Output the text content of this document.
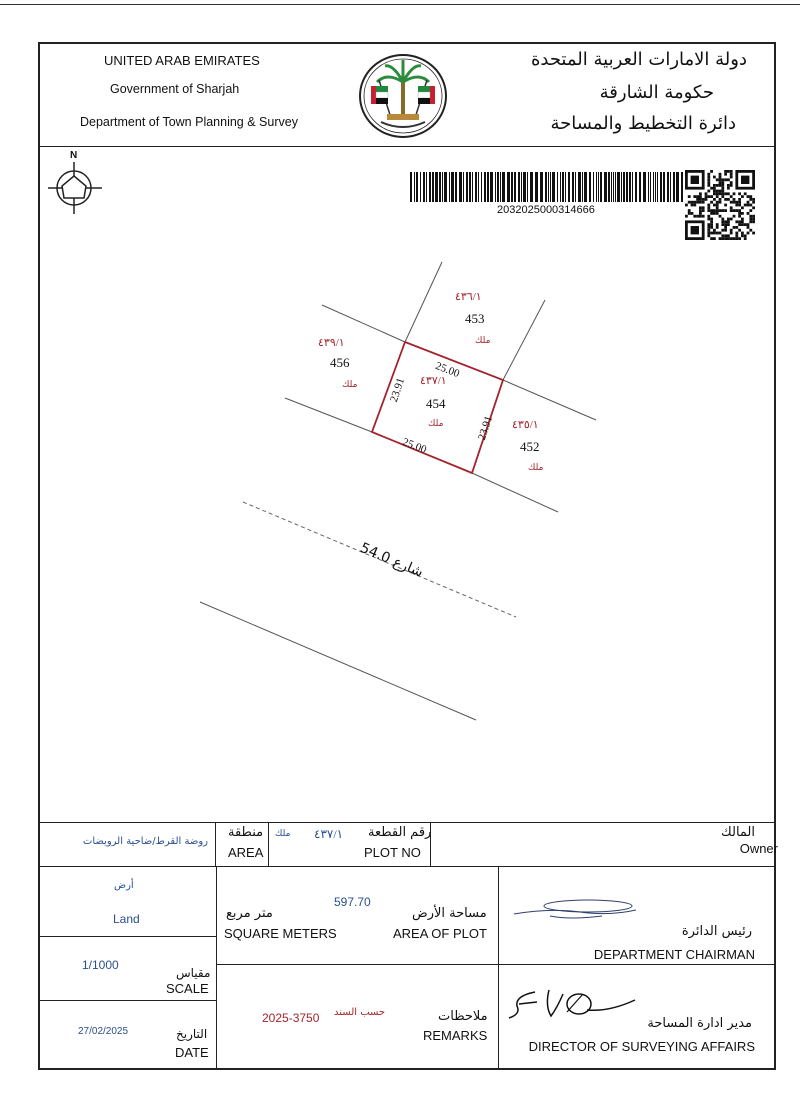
UNITED ARAB EMIRATES
Government of Sharjah
Department of Town Planning & Survey
دولة الامارات العربية المتحدة
حكومة الشارقة
دائرة التخطيط والمساحة
N
2032025000314666
٤٣٦/١
453
ملك
٤٣٩/١
456
ملك	٤٣٧/١
454
ملك	٤٣٥/١
452
ملك
25.00
25.00
23.91
23.91
شارع 54.0
روضة القرط/ضاحية الرويضات
منطقة
AREA
ملك ٤٣٧/١ رقم القطعة
PLOT NO
المالك
Owner
أرض
Land
1/1000
مقياس
SCALE
27/02/2025	التاريخ
DATE
597.70
متر مربع
SQUARE METERS
مساحة الأرض
AREA OF PLOT
حسب السند
2025-3750	ملاحظات
REMARKS
رئيس الدائرة
DEPARTMENT CHAIRMAN
مدير ادارة المساحة
DIRECTOR OF SURVEYING AFFAIRS
